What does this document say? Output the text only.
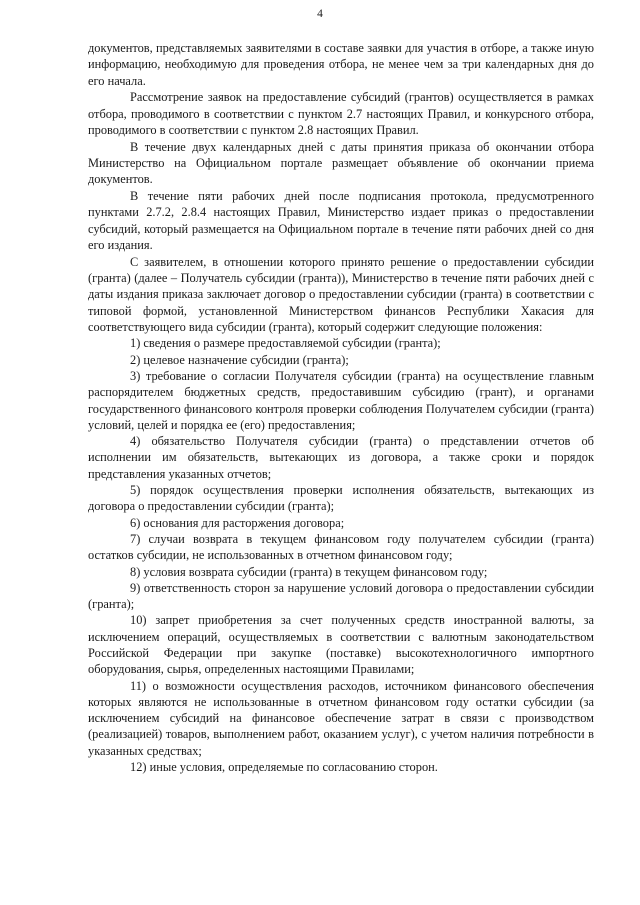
4

документов, представляемых заявителями в составе заявки для участия в отборе, а также иную информацию, необходимую для проведения отбора, не менее чем за три календарных дня до его начала.

Рассмотрение заявок на предоставление субсидий (грантов) осуществляется в рамках отбора, проводимого в соответствии с пунктом 2.7 настоящих Правил, и конкурсного отбора, проводимого в соответствии с пунктом 2.8 настоящих Правил.

В течение двух календарных дней с даты принятия приказа об окончании отбора Министерство на Официальном портале размещает объявление об окончании приема документов.

В течение пяти рабочих дней после подписания протокола, предусмотренного пунктами 2.7.2, 2.8.4 настоящих Правил, Министерство издает приказ о предоставлении субсидий, который размещается на Официальном портале в течение пяти рабочих дней со дня его издания.

С заявителем, в отношении которого принято решение о предоставлении субсидии (гранта) (далее – Получатель субсидии (гранта)), Министерство в течение пяти рабочих дней с даты издания приказа заключает договор о предоставлении субсидии (гранта) в соответствии с типовой формой, установленной Министерством финансов Республики Хакасия для соответствующего вида субсидии (гранта), который содержит следующие положения:

1) сведения о размере предоставляемой субсидии (гранта);

2) целевое назначение субсидии (гранта);

3) требование о согласии Получателя субсидии (гранта) на осуществление главным распорядителем бюджетных средств, предоставившим субсидию (грант), и органами государственного финансового контроля проверки соблюдения Получателем субсидии (гранта) условий, целей и порядка ее (его) предоставления;

4) обязательство Получателя субсидии (гранта) о представлении отчетов об исполнении им обязательств, вытекающих из договора, а также сроки и порядок представления указанных отчетов;

5) порядок осуществления проверки исполнения обязательств, вытекающих из договора о предоставлении субсидии (гранта);

6) основания для расторжения договора;

7) случаи возврата в текущем финансовом году получателем субсидии (гранта) остатков субсидии, не использованных в отчетном финансовом году;

8) условия возврата субсидии (гранта) в текущем финансовом году;

9) ответственность сторон за нарушение условий договора о предоставлении субсидии (гранта);

10) запрет приобретения за счет полученных средств иностранной валюты, за исключением операций, осуществляемых в соответствии с валютным законодательством Российской Федерации при закупке (поставке) высокотехнологичного импортного оборудования, сырья, определенных настоящими Правилами;

11) о возможности осуществления расходов, источником финансового обеспечения которых являются не использованные в отчетном финансовом году остатки субсидии (за исключением субсидий на финансовое обеспечение затрат в связи с производством (реализацией) товаров, выполнением работ, оказанием услуг), с учетом наличия потребности в указанных средствах;

12) иные условия, определяемые по согласованию сторон.
